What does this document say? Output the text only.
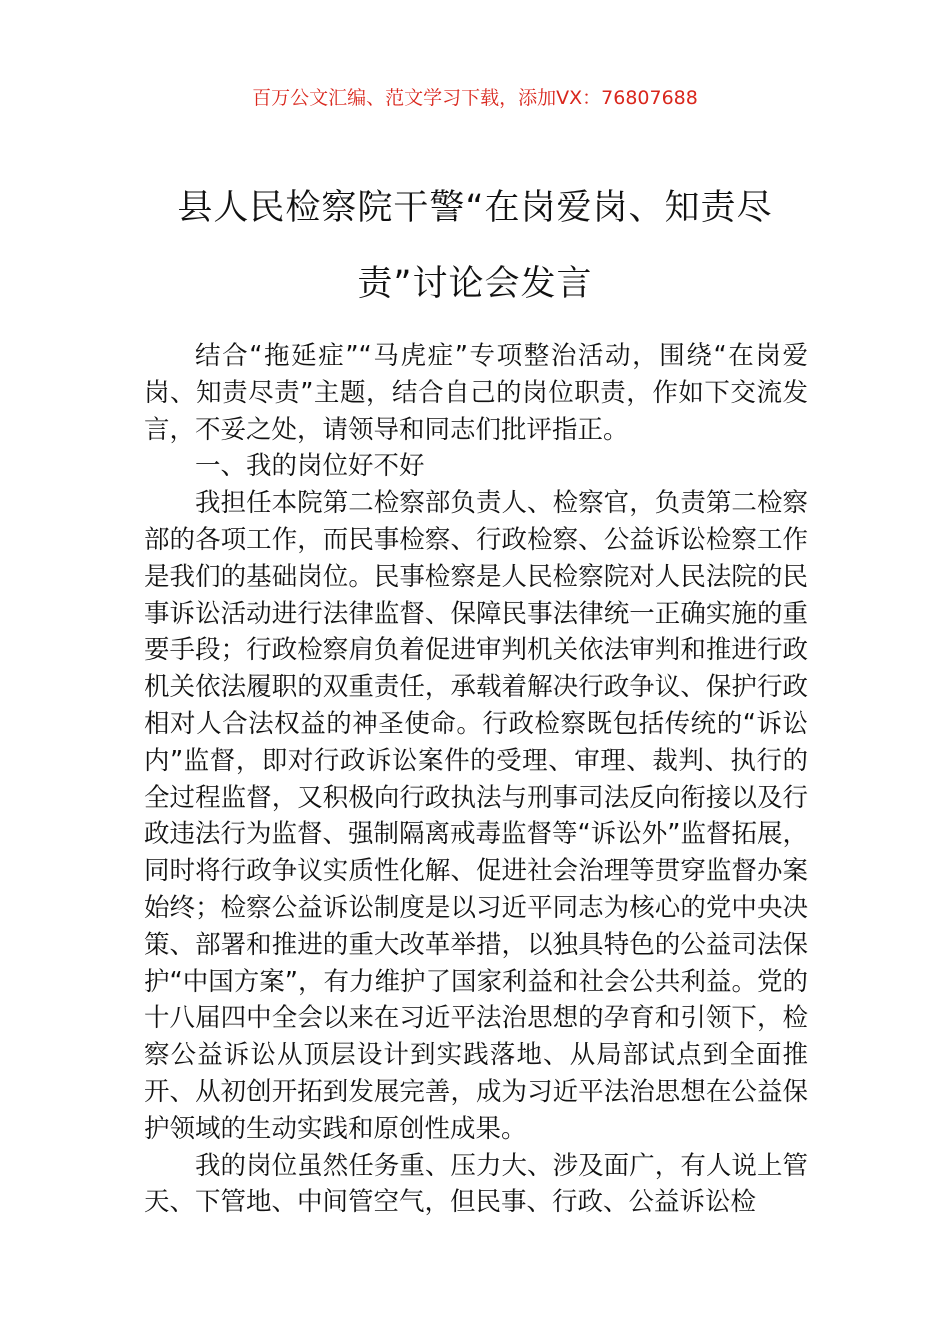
百万公文汇编、范文学习下载，添加VX：76807688
县人民检察院干警“在岗爱岗、知责尽责”讨论会发言

结合“拖延症”“马虎症”专项整治活动，围绕“在岗爱岗、知责尽责”主题，结合自己的岗位职责，作如下交流发言，不妥之处，请领导和同志们批评指正。

一、我的岗位好不好

我担任本院第二检察部负责人、检察官，负责第二检察部的各项工作，而民事检察、行政检察、公益诉讼检察工作是我们的基础岗位。民事检察是人民检察院对人民法院的民事诉讼活动进行法律监督、保障民事法律统一正确实施的重要手段；行政检察肩负着促进审判机关依法审判和推进行政机关依法履职的双重责任，承载着解决行政争议、保护行政相对人合法权益的神圣使命。行政检察既包括传统的“诉讼内”监督，即对行政诉讼案件的受理、审理、裁判、执行的全过程监督，又积极向行政执法与刑事司法反向衔接以及行政违法行为监督、强制隔离戒毒监督等“诉讼外”监督拓展，同时将行政争议实质性化解、促进社会治理等贯穿监督办案始终；检察公益诉讼制度是以习近平同志为核心的党中央决策、部署和推进的重大改革举措，以独具特色的公益司法保护“中国方案”，有力维护了国家利益和社会公共利益。党的十八届四中全会以来在习近平法治思想的孕育和引领下，检察公益诉讼从顶层设计到实践落地、从局部试点到全面推开、从初创开拓到发展完善，成为习近平法治思想在公益保护领域的生动实践和原创性成果。

我的岗位虽然任务重、压力大、涉及面广，有人说上管天、下管地、中间管空气，但民事、行政、公益诉讼检
